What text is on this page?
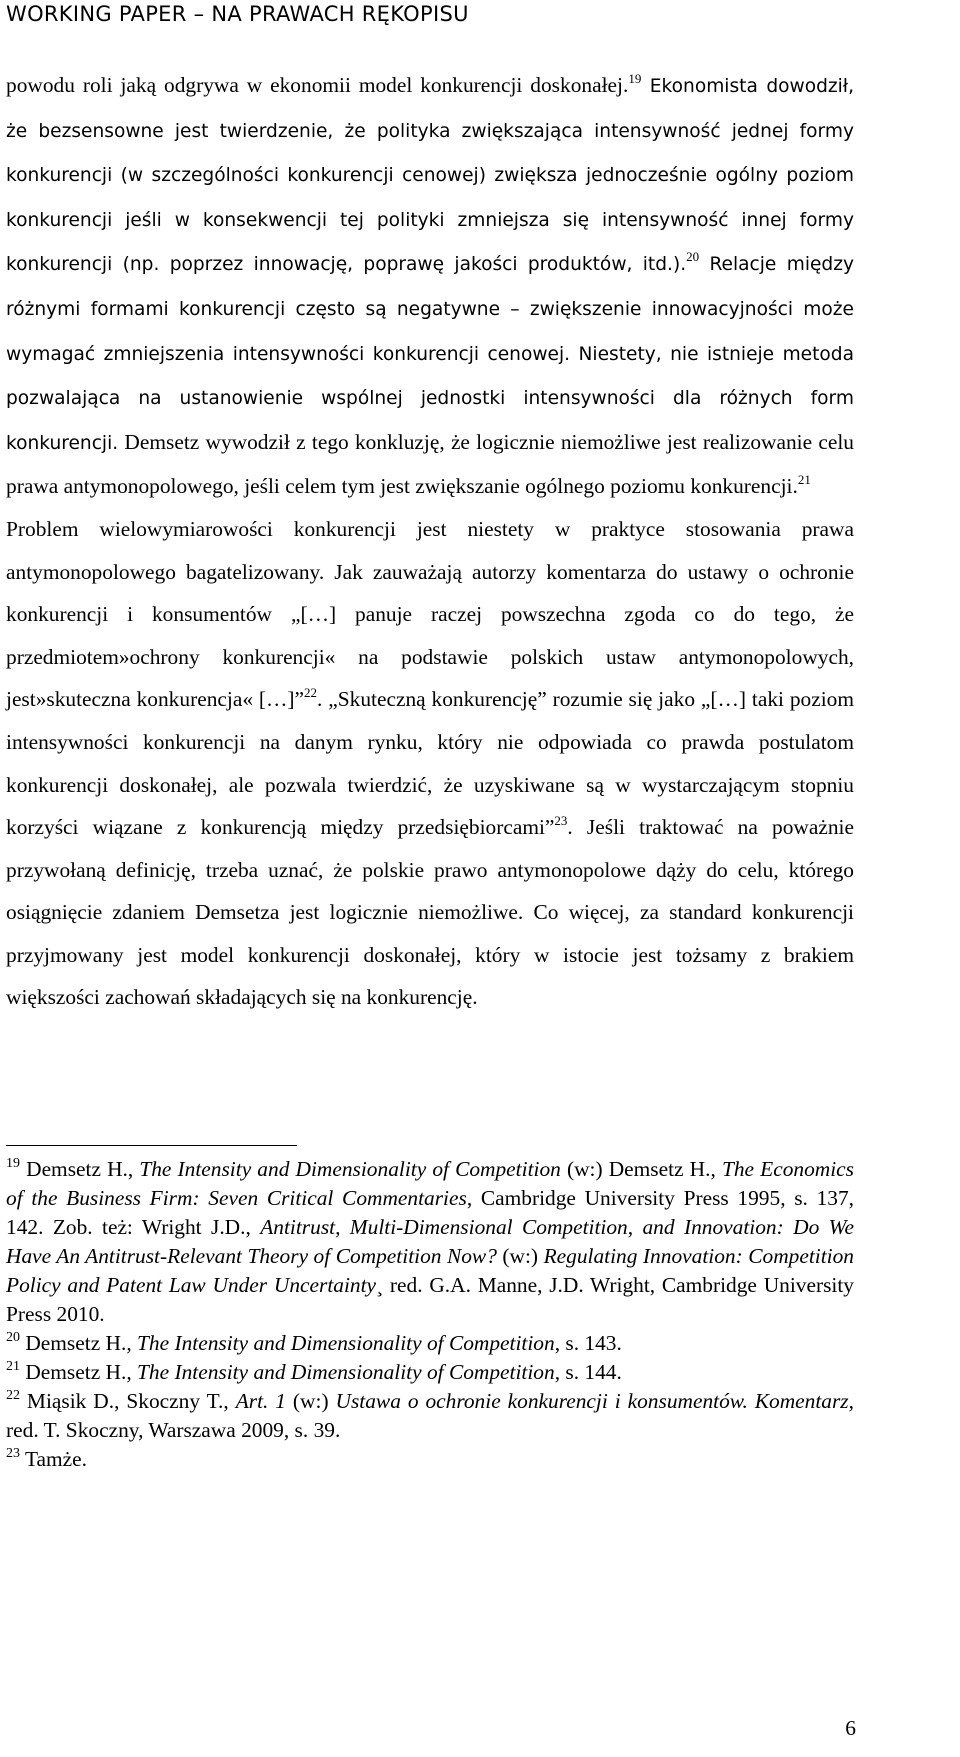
WORKING PAPER – NA PRAWACH RĘKOPISU

powodu roli jaką odgrywa w ekonomii model konkurencji doskonałej.$^{19}$ Ekonomista dowodził, że bezsensowne jest twierdzenie, że polityka zwiększająca intensywność jednej formy konkurencji (w szczególności konkurencji cenowej) zwiększa jednocześnie ogólny poziom konkurencji jeśli w konsekwencji tej polityki zmniejsza się intensywność innej formy konkurencji (np. poprzez innowację, poprawę jakości produktów, itd.).$^{20}$ Relacje między różnymi formami konkurencji często są negatywne – zwiększenie innowacyjności może wymagać zmniejszenia intensywności konkurencji cenowej. Niestety, nie istnieje metoda pozwalająca na ustanowienie wspólnej jednostki intensywności dla różnych form konkurencji. Demsetz wywodził z tego konkluzję, że logicznie niemożliwe jest realizowanie celu prawa antymonopolowego, jeśli celem tym jest zwiększanie ogólnego poziomu konkurencji.$^{21}$

Problem wielowymiarowości konkurencji jest niestety w praktyce stosowania prawa antymonopolowego bagatelizowany. Jak zauważają autorzy komentarza do ustawy o ochronie konkurencji i konsumentów „[…] panuje raczej powszechna zgoda co do tego, że przedmiotem»ochrony konkurencji« na podstawie polskich ustaw antymonopolowych, jest»skuteczna konkurencja« […]”$^{22}$. „Skuteczną konkurencję” rozumie się jako „[…] taki poziom intensywności konkurencji na danym rynku, który nie odpowiada co prawda postulatom konkurencji doskonałej, ale pozwala twierdzić, że uzyskiwane są w wystarczającym stopniu korzyści wiązane z konkurencją między przedsiębiorcami”$^{23}$. Jeśli traktować na poważnie przywołaną definicję, trzeba uznać, że polskie prawo antymonopolowe dąży do celu, którego osiągnięcie zdaniem Demsetza jest logicznie niemożliwe. Co więcej, za standard konkurencji przyjmowany jest model konkurencji doskonałej, który w istocie jest tożsamy z brakiem większości zachowań składających się na konkurencję.

$^{19}$ Demsetz H., The Intensity and Dimensionality of Competition (w:) Demsetz H., The Economics of the Business Firm: Seven Critical Commentaries, Cambridge University Press 1995, s. 137, 142. Zob. też: Wright J.D., Antitrust, Multi-Dimensional Competition, and Innovation: Do We Have An Antitrust-Relevant Theory of Competition Now? (w:) Regulating Innovation: Competition Policy and Patent Law Under Uncertainty¸ red. G.A. Manne, J.D. Wright, Cambridge University Press 2010.

$^{20}$ Demsetz H., The Intensity and Dimensionality of Competition, s. 143.

$^{21}$ Demsetz H., The Intensity and Dimensionality of Competition, s. 144.

$^{22}$ Miąsik D., Skoczny T., Art. 1 (w:) Ustawa o ochronie konkurencji i konsumentów. Komentarz, red. T. Skoczny, Warszawa 2009, s. 39.

$^{23}$ Tamże.

6
